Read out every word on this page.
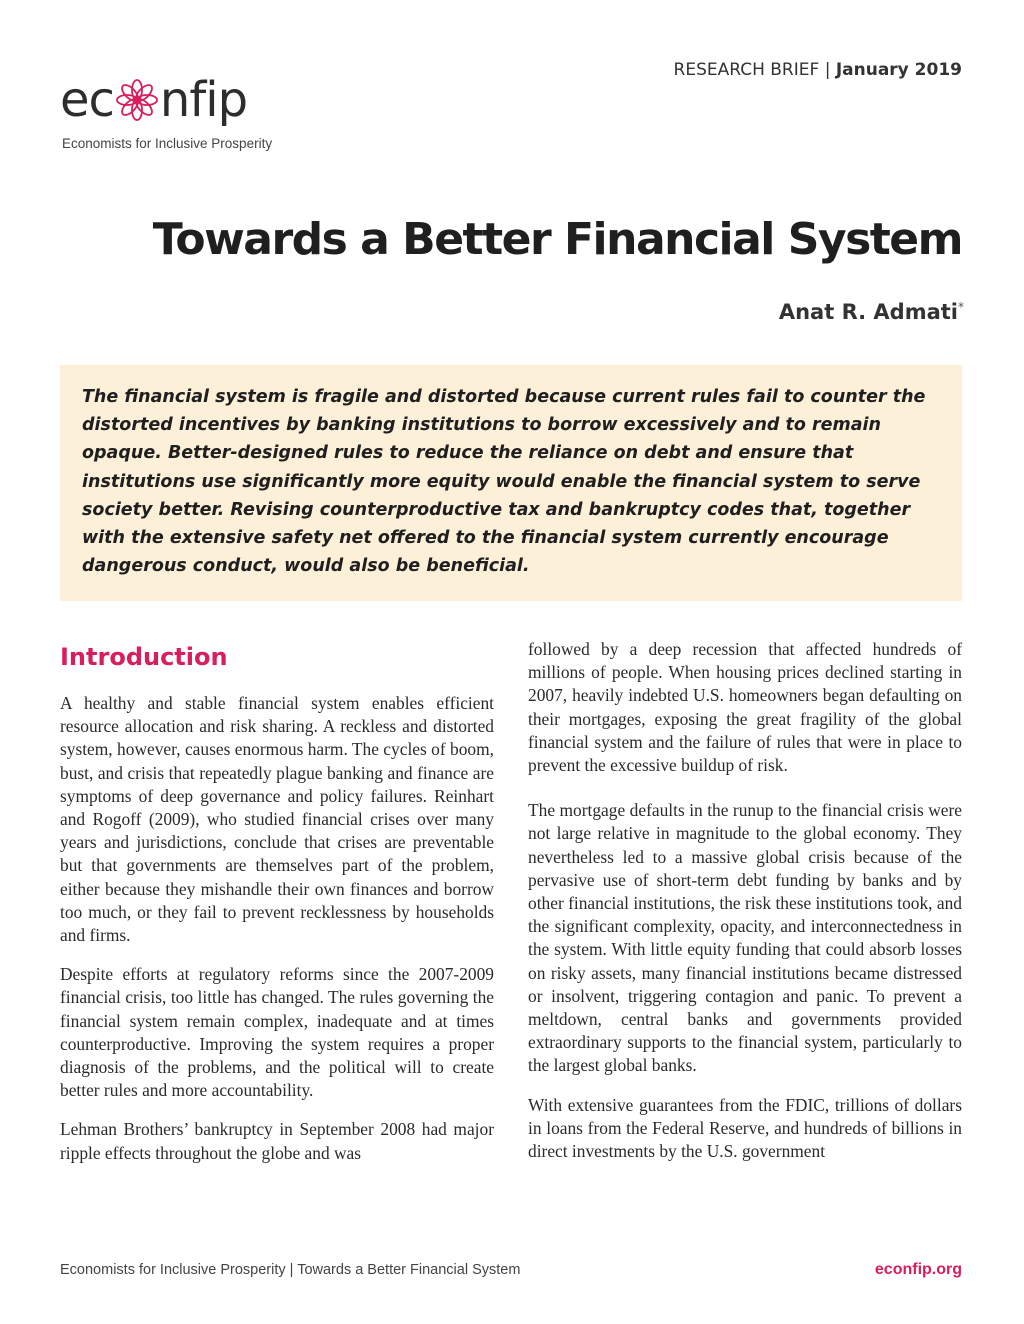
ec nfip
Economists for Inclusive Prosperity
RESEARCH BRIEF | January 2019
Towards a Better Financial System
Anat R. Admati*

The financial system is fragile and distorted because current rules fail to counter the distorted incentives by banking institutions to borrow excessively and to remain opaque. Better-designed rules to reduce the reliance on debt and ensure that institutions use significantly more equity would enable the financial system to serve society better. Revising counterproductive tax and bankruptcy codes that, together with the extensive safety net offered to the financial system currently encourage dangerous conduct, would also be beneficial.

Introduction

A healthy and stable financial system enables efficient resource allocation and risk sharing. A reckless and distorted system, however, causes enormous harm. The cycles of boom, bust, and crisis that repeatedly plague banking and finance are symptoms of deep governance and policy failures. Reinhart and Rogoff (2009), who studied financial crises over many years and jurisdictions, conclude that crises are preventable but that governments are themselves part of the problem, either because they mishandle their own finances and borrow too much, or they fail to prevent recklessness by households and firms.

Despite efforts at regulatory reforms since the 2007-2009 financial crisis, too little has changed. The rules governing the financial system remain complex, inadequate and at times counterproductive. Improving the system requires a proper diagnosis of the problems, and the political will to create better rules and more accountability.

Lehman Brothers’ bankruptcy in September 2008 had major ripple effects throughout the globe and was

followed by a deep recession that affected hundreds of millions of people. When housing prices declined starting in 2007, heavily indebted U.S. homeowners began defaulting on their mortgages, exposing the great fragility of the global financial system and the failure of rules that were in place to prevent the excessive buildup of risk.

The mortgage defaults in the runup to the financial crisis were not large relative in magnitude to the global economy. They nevertheless led to a massive global crisis because of the pervasive use of short-term debt funding by banks and by other financial institutions, the risk these institutions took, and the significant complexity, opacity, and interconnectedness in the system. With little equity funding that could absorb losses on risky assets, many financial institutions became distressed or insolvent, triggering contagion and panic. To prevent a meltdown, central banks and governments provided extraordinary supports to the financial system, particularly to the largest global banks.

With extensive guarantees from the FDIC, trillions of dollars in loans from the Federal Reserve, and hundreds of billions in direct investments by the U.S. government

Economists for Inclusive Prosperity | Towards a Better Financial System	econfip.org
